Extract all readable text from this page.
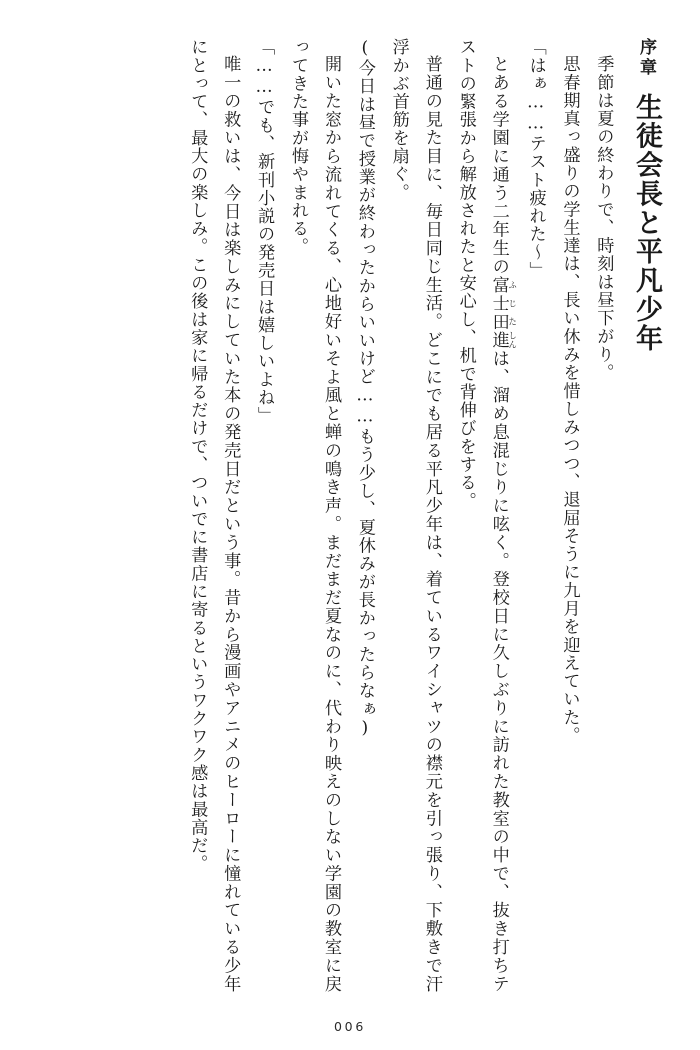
序章生徒会長と平凡少年
季節は夏の終わりで、時刻は昼下がり。
思春期真っ盛りの学生達は、長い休みを惜しみつつ、退屈そうに九月を迎えていた。
「はぁ……テスト疲れた～」
とある学園に通う二年生の富士田 ふじた進 しんは、溜め息混じりに呟く。登校日に久しぶりに訪れた教室の中で、抜き打ちテストの緊張から解放されたと安心し、机で背伸びをする。
普通の見た目に、毎日同じ生活。どこにでも居る平凡少年は、着ているワイシャツの襟元を引っ張り、下敷きで汗浮かぶ首筋を扇ぐ。
(今日は昼で授業が終わったからいいけど……もう少し、夏休みが長かったらなぁ)
開いた窓から流れてくる、心地好いそよ風と蝉の鳴き声。まだまだ夏なのに、代わり映えのしない学園の教室に戻ってきた事が悔やまれる。
「……でも、新刊小説の発売日は嬉しいよね」
唯一の救いは、今日は楽しみにしていた本の発売日だという事。昔から漫画やアニメのヒーローに憧れている少年にとって、最大の楽しみ。この後は家に帰るだけで、ついでに書店に寄るというワクワク感は最高だ。
006
